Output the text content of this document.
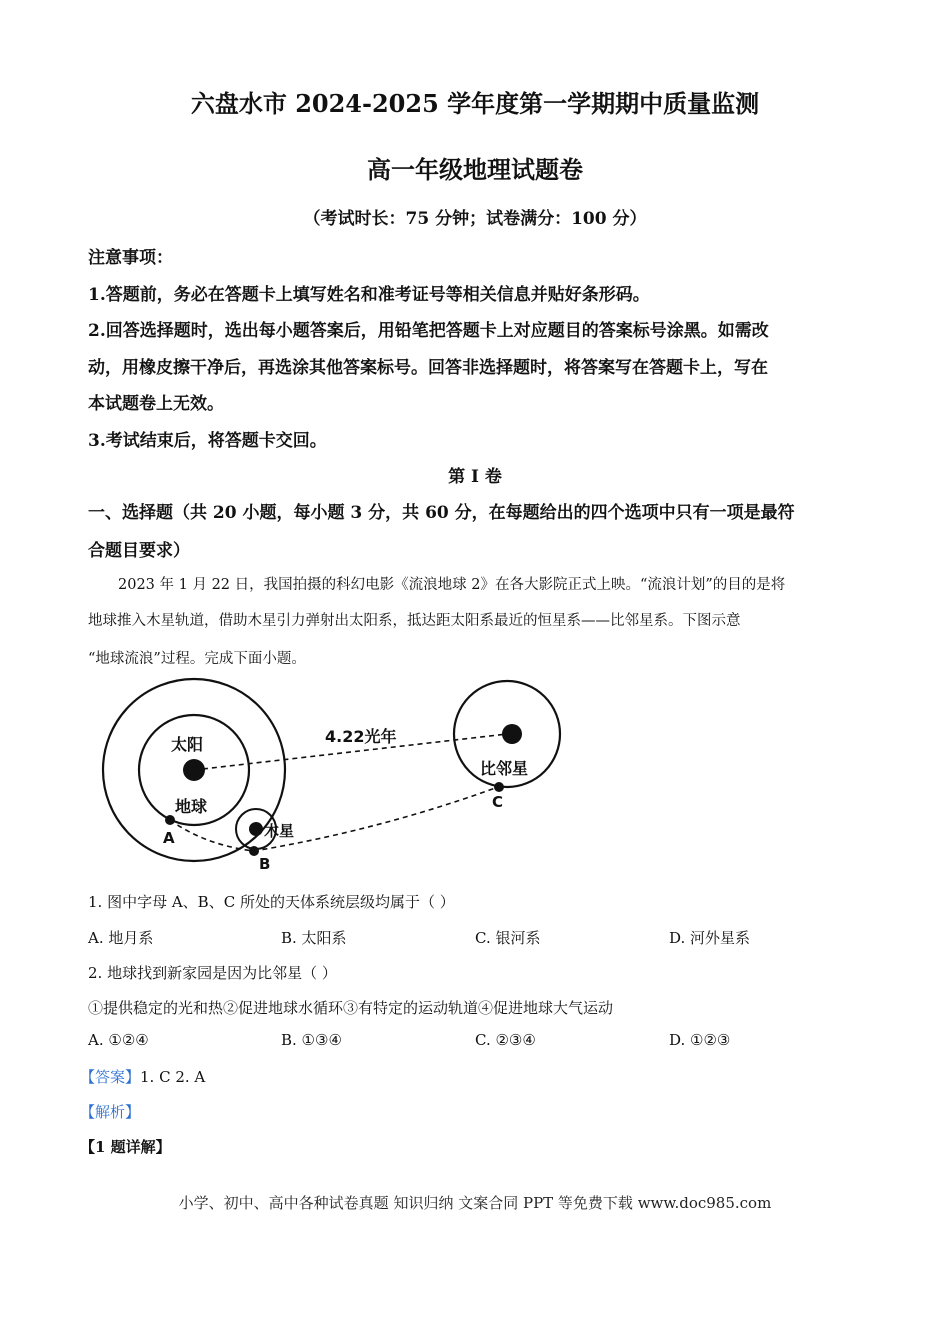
六盘水市 2024-2025 学年度第一学期期中质量监测
高一年级地理试题卷
（考试时长：75 分钟；试卷满分：100 分）
注意事项：
1.答题前，务必在答题卡上填写姓名和准考证号等相关信息并贴好条形码。
2.回答选择题时，选出每小题答案后，用铅笔把答题卡上对应题目的答案标号涂黑。如需改
动，用橡皮擦干净后，再选涂其他答案标号。回答非选择题时，将答案写在答题卡上，写在
本试题卷上无效。
3.考试结束后，将答题卡交回。
第 I 卷
一、选择题（共 20 小题，每小题 3 分，共 60 分，在每题给出的四个选项中只有一项是最符
合题目要求）
2023 年 1 月 22 日，我国拍摄的科幻电影《流浪地球 2》在各大影院正式上映。“流浪计划”的目的是将
地球推入木星轨道，借助木星引力弹射出太阳系，抵达距太阳系最近的恒星系——比邻星系。下图示意
“地球流浪”过程。完成下面小题。
太阳
地球
木星
比邻星
4.22光年
A
B
C
1. 图中字母 A、B、C 所处的天体系统层级均属于（ ）
A. 地月系	B. 太阳系	C. 银河系	D. 河外星系
2. 地球找到新家园是因为比邻星（ ）
①提供稳定的光和热②促进地球水循环③有特定的运动轨道④促进地球大气运动
A. ①②④	B. ①③④	C. ②③④	D. ①②③
【答案】1. C 2. A
【解析】
【1 题详解】
小学、初中、高中各种试卷真题 知识归纳 文案合同 PPT 等免费下载 www.doc985.com
